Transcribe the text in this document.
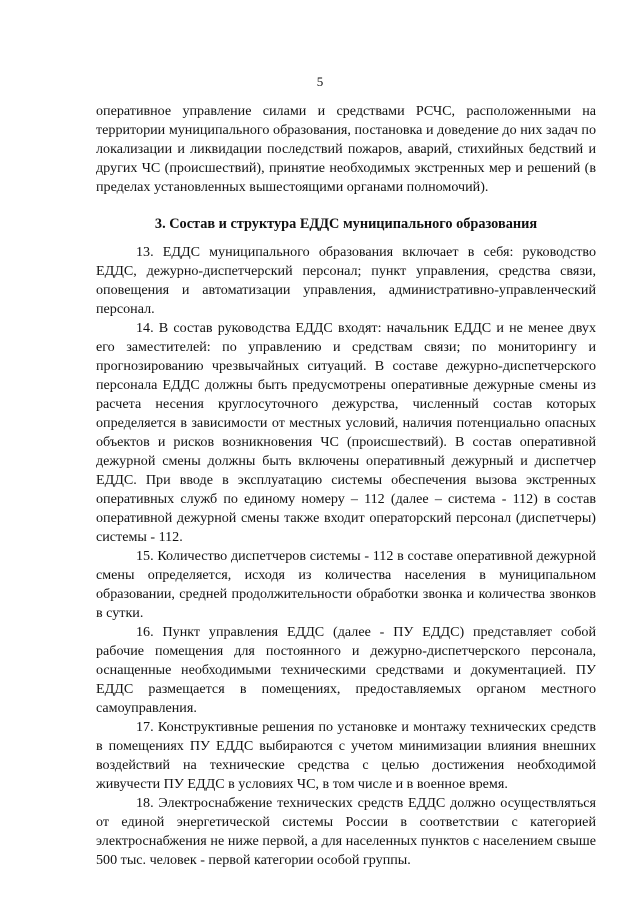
5

оперативное управление силами и средствами РСЧС, расположенными на территории муниципального образования, постановка и доведение до них задач по локализации и ликвидации последствий пожаров, аварий, стихийных бедствий и других ЧС (происшествий), принятие необходимых экстренных мер и решений (в пределах установленных вышестоящими органами полномочий).

3. Состав и структура ЕДДС муниципального образования

13. ЕДДС муниципального образования включает в себя: руководство ЕДДС, дежурно-диспетчерский персонал; пункт управления, средства связи, оповещения и автоматизации управления, административно-управленческий персонал.

14. В состав руководства ЕДДС входят: начальник ЕДДС и не менее двух его заместителей: по управлению и средствам связи; по мониторингу и прогнозированию чрезвычайных ситуаций. В составе дежурно-диспетчерского персонала ЕДДС должны быть предусмотрены оперативные дежурные смены из расчета несения круглосуточного дежурства, численный состав которых определяется в зависимости от местных условий, наличия потенциально опасных объектов и рисков возникновения ЧС (происшествий). В состав оперативной дежурной смены должны быть включены оперативный дежурный и диспетчер ЕДДС. При вводе в эксплуатацию системы обеспечения вызова экстренных оперативных служб по единому номеру – 112 (далее – система - 112) в состав оперативной дежурной смены также входит операторский персонал (диспетчеры) системы - 112.

15. Количество диспетчеров системы - 112 в составе оперативной дежурной смены определяется, исходя из количества населения в муниципальном образовании, средней продолжительности обработки звонка и количества звонков в сутки.

16. Пункт управления ЕДДС (далее - ПУ ЕДДС) представляет собой рабочие помещения для постоянного и дежурно-диспетчерского персонала, оснащенные необходимыми техническими средствами и документацией. ПУ ЕДДС размещается в помещениях, предоставляемых органом местного самоуправления.

17. Конструктивные решения по установке и монтажу технических средств в помещениях ПУ ЕДДС выбираются с учетом минимизации влияния внешних воздействий на технические средства с целью достижения необходимой живучести ПУ ЕДДС в условиях ЧС, в том числе и в военное время.

18. Электроснабжение технических средств ЕДДС должно осуществляться от единой энергетической системы России в соответствии с категорией электроснабжения не ниже первой, а для населенных пунктов с населением свыше 500 тыс. человек - первой категории особой группы.
